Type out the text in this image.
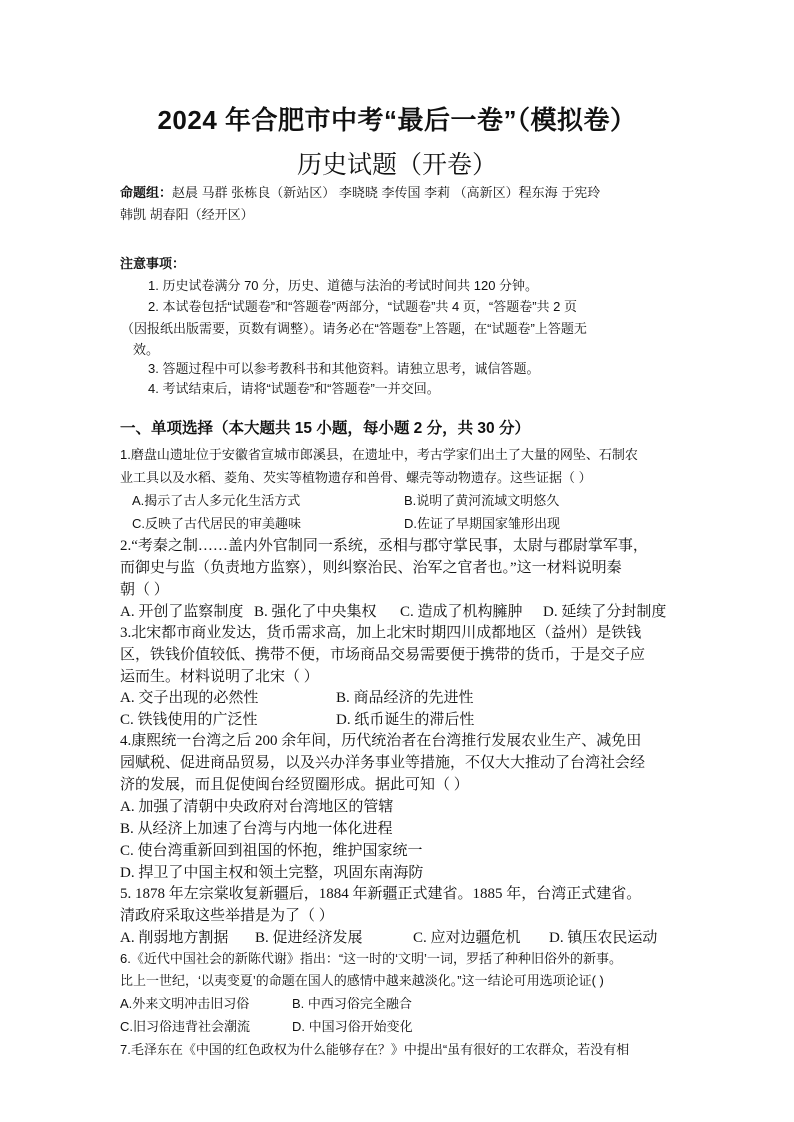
2024 年合肥市中考“最后一卷”（模拟卷）
历史试题（开卷）
命题组：赵晨 马群 张栋良（新站区） 李晓晓 李传国 李莉 （高新区）程东海 于宪玲
韩凯 胡春阳（经开区）
注意事项：
1. 历史试卷满分 70 分，历史、道德与法治的考试时间共 120 分钟。
2. 本试卷包括“试题卷”和“答题卷”两部分，“试题卷”共 4 页，“答题卷”共 2 页
（因报纸出版需要，页数有调整）。请务必在“答题卷”上答题，在“试题卷”上答题无
效。
3. 答题过程中可以参考教科书和其他资料。请独立思考，诚信答题。
4. 考试结束后，请将“试题卷”和“答题卷”一并交回。
一、单项选择（本大题共 15 小题，每小题 2 分，共 30 分）
1.磨盘山遗址位于安徽省宣城市郎溪县，在遗址中，考古学家们出土了大量的网坠、石制农
业工具以及水稻、菱角、芡实等植物遗存和兽骨、螺壳等动物遗存。这些证据（ ）
A.揭示了古人多元化生活方式	B.说明了黄河流域文明悠久
C.反映了古代居民的审美趣味	D.佐证了早期国家雏形出现
2.“考秦之制……盖内外官制同一系统，丞相与郡守掌民事，太尉与郡尉掌军事，
而御史与监（负责地方监察），则纠察治民、治军之官者也。”这一材料说明秦
朝（ ）
A. 开创了监察制度 B. 强化了中央集权 C. 造成了机构臃肿 D. 延续了分封制度
3.北宋都市商业发达，货币需求高，加上北宋时期四川成都地区（益州）是铁钱
区，铁钱价值较低、携带不便，市场商品交易需要便于携带的货币，于是交子应
运而生。材料说明了北宋（ ）
A. 交子出现的必然性	B. 商品经济的先进性
C. 铁钱使用的广泛性	D. 纸币诞生的滞后性
4.康熙统一台湾之后 200 余年间，历代统治者在台湾推行发展农业生产、减免田
园赋税、促进商品贸易，以及兴办洋务事业等措施，不仅大大推动了台湾社会经
济的发展，而且促使闽台经贸圈形成。据此可知（ ）
A. 加强了清朝中央政府对台湾地区的管辖
B. 从经济上加速了台湾与内地一体化进程
C. 使台湾重新回到祖国的怀抱，维护国家统一
D. 捍卫了中国主权和领土完整，巩固东南海防
5. 1878 年左宗棠收复新疆后，1884 年新疆正式建省。1885 年，台湾正式建省。
清政府采取这些举措是为了（ ）
A. 削弱地方割据 B. 促进经济发展	C. 应对边疆危机 D. 镇压农民运动
6.《近代中国社会的新陈代谢》指出：“这一时的‘文明’一词，罗括了种种旧俗外的新事。
比上一世纪，‘以夷变夏’的命题在国人的感情中越来越淡化。”这一结论可用选项论证( )
A.外来文明冲击旧习俗	B. 中西习俗完全融合
C.旧习俗违背社会潮流	D. 中国习俗开始变化
7.毛泽东在《中国的红色政权为什么能够存在？》中提出“虽有很好的工农群众，若没有相
